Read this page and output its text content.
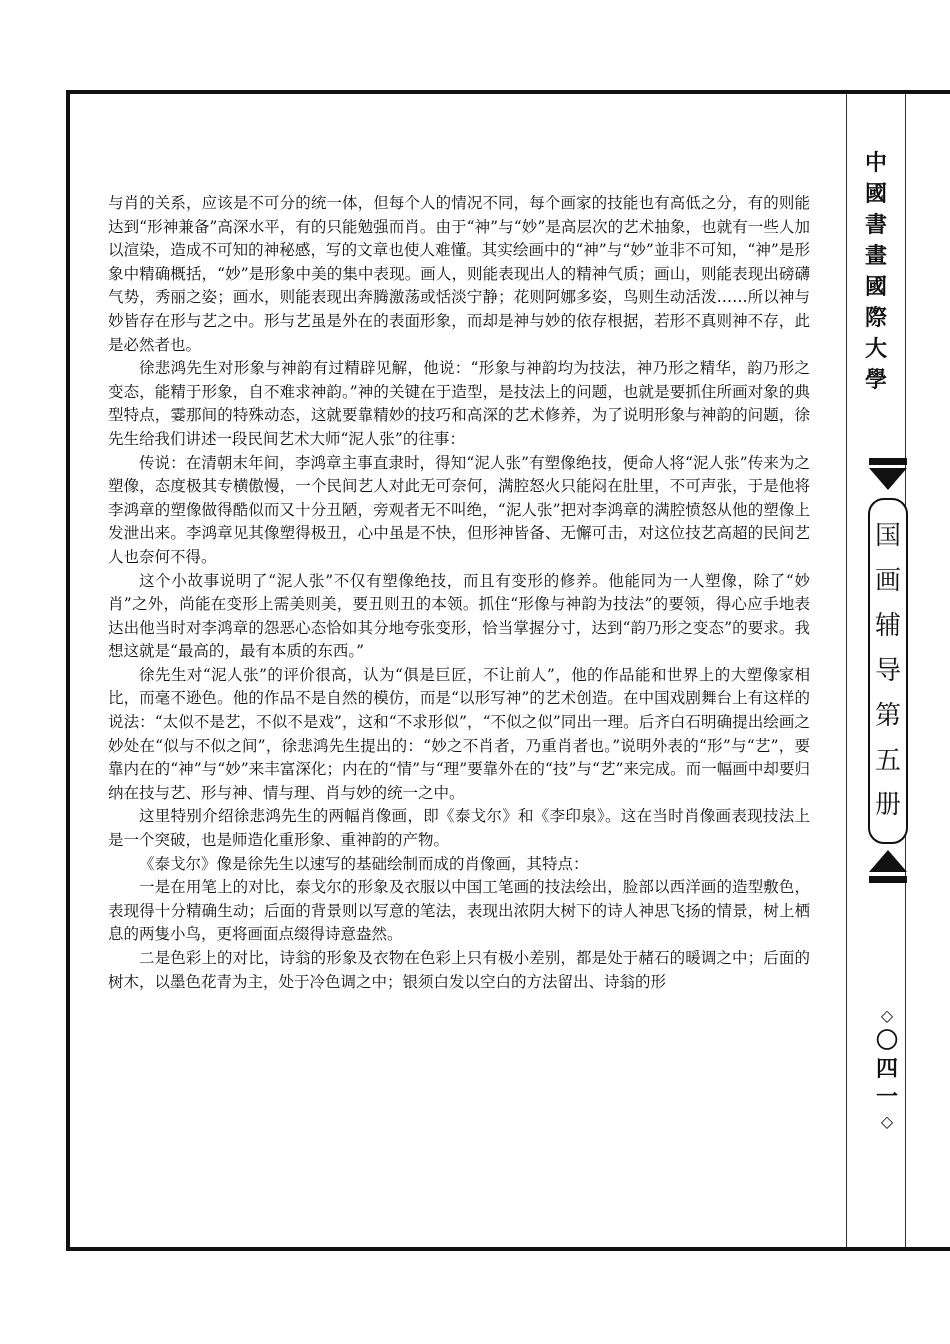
与肖的关系，应该是不可分的统一体，但每个人的情况不同，每个画家的技能也有高低之分，有的则能达到“形神兼备”高深水平，有的只能勉强而肖。由于“神”与“妙”是高层次的艺术抽象，也就有一些人加以渲染，造成不可知的神秘感，写的文章也使人难懂。其实绘画中的“神”与“妙”並非不可知，“神”是形象中精确概括，“妙”是形象中美的集中表现。画人，则能表现出人的精神气质；画山，则能表现出磅礴气势，秀丽之姿；画水，则能表现出奔腾激荡或恬淡宁静；花则阿娜多姿，鸟则生动活泼……所以神与妙皆存在形与艺之中。形与艺虽是外在的表面形象，而却是神与妙的依存根据，若形不真则神不存，此是必然者也。

徐悲鸿先生对形象与神韵有过精辟见解，他说：“形象与神韵均为技法，神乃形之精华，韵乃形之变态，能精于形象，自不难求神韵。”神的关键在于造型，是技法上的问题，也就是要抓住所画对象的典型特点，霎那间的特殊动态，这就要靠精妙的技巧和高深的艺术修养，为了说明形象与神韵的问题，徐先生给我们讲述一段民间艺术大师“泥人张”的往事：

传说：在清朝末年间，李鸿章主事直隶时，得知“泥人张”有塑像绝技，便命人将“泥人张”传来为之塑像，态度极其专横傲慢，一个民间艺人对此无可奈何，满腔怒火只能闷在肚里，不可声张，于是他将李鸿章的塑像做得酷似而又十分丑陋，旁观者无不叫绝，“泥人张”把对李鸿章的满腔愤怒从他的塑像上发泄出来。李鸿章见其像塑得极丑，心中虽是不快，但形神皆备、无懈可击，对这位技艺高超的民间艺人也奈何不得。

这个小故事说明了“泥人张”不仅有塑像绝技，而且有变形的修养。他能同为一人塑像，除了“妙肖”之外，尚能在变形上需美则美，要丑则丑的本领。抓住“形像与神韵为技法”的要领，得心应手地表达出他当时对李鸿章的怨恶心态恰如其分地夸张变形，恰当掌握分寸，达到“韵乃形之变态”的要求。我想这就是“最高的，最有本质的东西。”

徐先生对“泥人张”的评价很高，认为“俱是巨匠，不让前人”，他的作品能和世界上的大塑像家相比，而毫不逊色。他的作品不是自然的模仿，而是“以形写神”的艺术创造。在中国戏剧舞台上有这样的说法：“太似不是艺，不似不是戏”，这和“不求形似”，“不似之似”同出一理。后齐白石明确提出绘画之妙处在“似与不似之间”，徐悲鸿先生提出的：“妙之不肖者，乃重肖者也。”说明外表的“形”与“艺”，要靠内在的“神”与“妙”来丰富深化；内在的“情”与“理”要靠外在的“技”与“艺”来完成。而一幅画中却要归纳在技与艺、形与神、情与理、肖与妙的统一之中。

这里特别介绍徐悲鸿先生的两幅肖像画，即《泰戈尔》和《李印泉》。这在当时肖像画表现技法上是一个突破，也是师造化重形象、重神韵的产物。

《泰戈尔》像是徐先生以速写的基础绘制而成的肖像画，其特点：

一是在用笔上的对比，泰戈尔的形象及衣服以中国工笔画的技法绘出，脸部以西洋画的造型敷色，表现得十分精确生动；后面的背景则以写意的笔法，表现出浓阴大树下的诗人神思飞扬的情景，树上栖息的两隻小鸟，更将画面点缀得诗意盎然。

二是色彩上的对比，诗翁的形象及衣物在色彩上只有极小差别，都是处于赭石的暖调之中；后面的树木，以墨色花青为主，处于冷色调之中；银须白发以空白的方法留出、诗翁的形

中
國
書
畫
國
際
大
學
国
画
辅
导
第
五
册
◇
〇
四
一
◇
